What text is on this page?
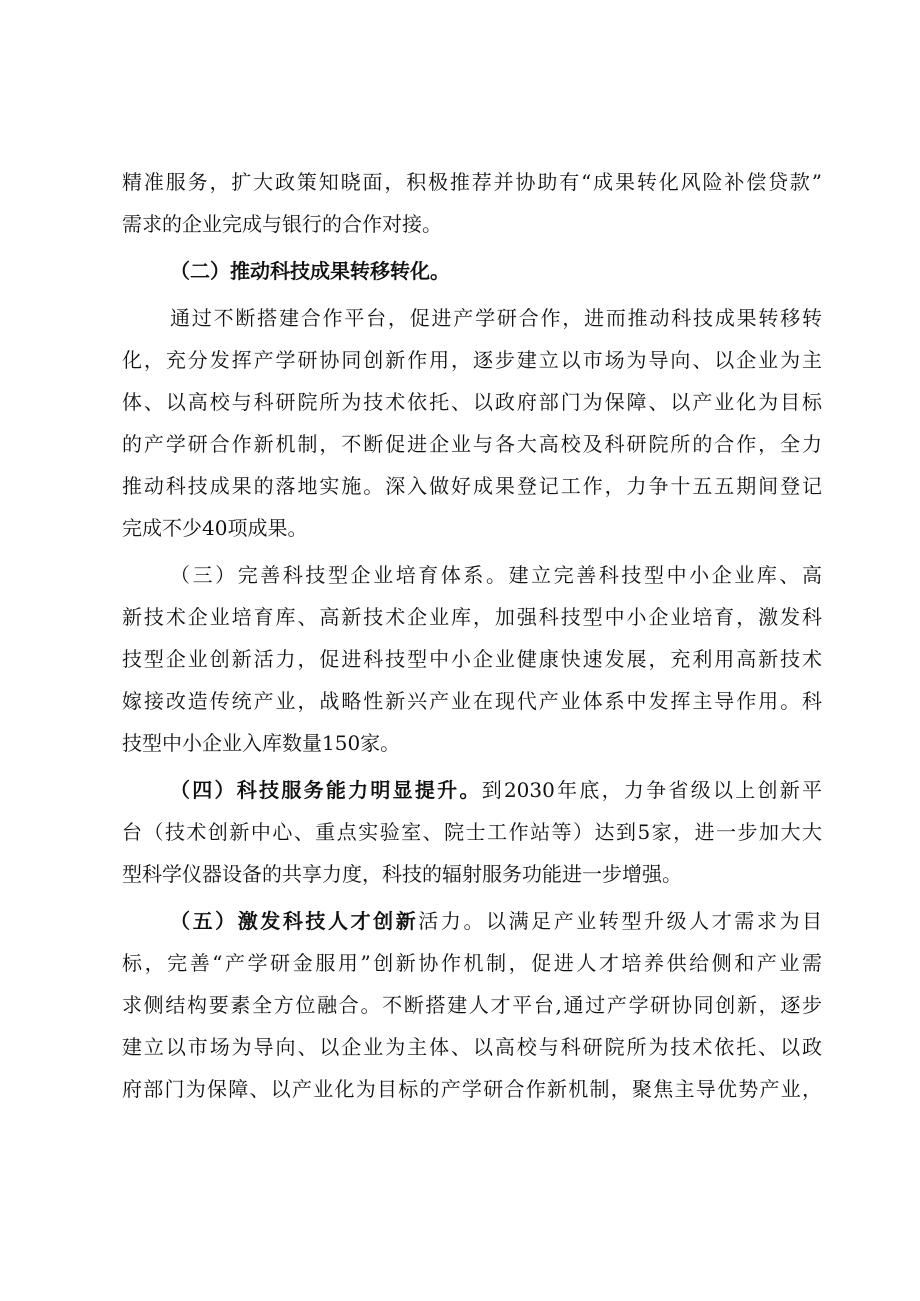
精准服务，扩大政策知晓面，积极推荐并协助有“成果转化风险补偿贷款”
需求的企业完成与银行的合作对接。
（二）推动科技成果转移转化。
通过不断搭建合作平台，促进产学研合作，进而推动科技成果转移转
化，充分发挥产学研协同创新作用，逐步建立以市场为导向、以企业为主
体、以高校与科研院所为技术依托、以政府部门为保障、以产业化为目标
的产学研合作新机制，不断促进企业与各大高校及科研院所的合作，全力
推动科技成果的落地实施。深入做好成果登记工作，力争十五五期间登记
完成不少40项成果。
（三）完善科技型企业培育体系。建立完善科技型中小企业库、高
新技术企业培育库、高新技术企业库，加强科技型中小企业培育，激发科
技型企业创新活力，促进科技型中小企业健康快速发展，充利用高新技术
嫁接改造传统产业，战略性新兴产业在现代产业体系中发挥主导作用。科
技型中小企业入库数量150家。
（四）科技服务能力明显提升。到2030年底，力争省级以上创新平
台（技术创新中心、重点实验室、院士工作站等）达到5家，进一步加大大
型科学仪器设备的共享力度，科技的辐射服务功能进一步增强。
（五）激发科技人才创新活力。以满足产业转型升级人才需求为目
标，完善“产学研金服用”创新协作机制，促进人才培养供给侧和产业需
求侧结构要素全方位融合。不断搭建人才平台,通过产学研协同创新，逐步
建立以市场为导向、以企业为主体、以高校与科研院所为技术依托、以政
府部门为保障、以产业化为目标的产学研合作新机制，聚焦主导优势产业，
